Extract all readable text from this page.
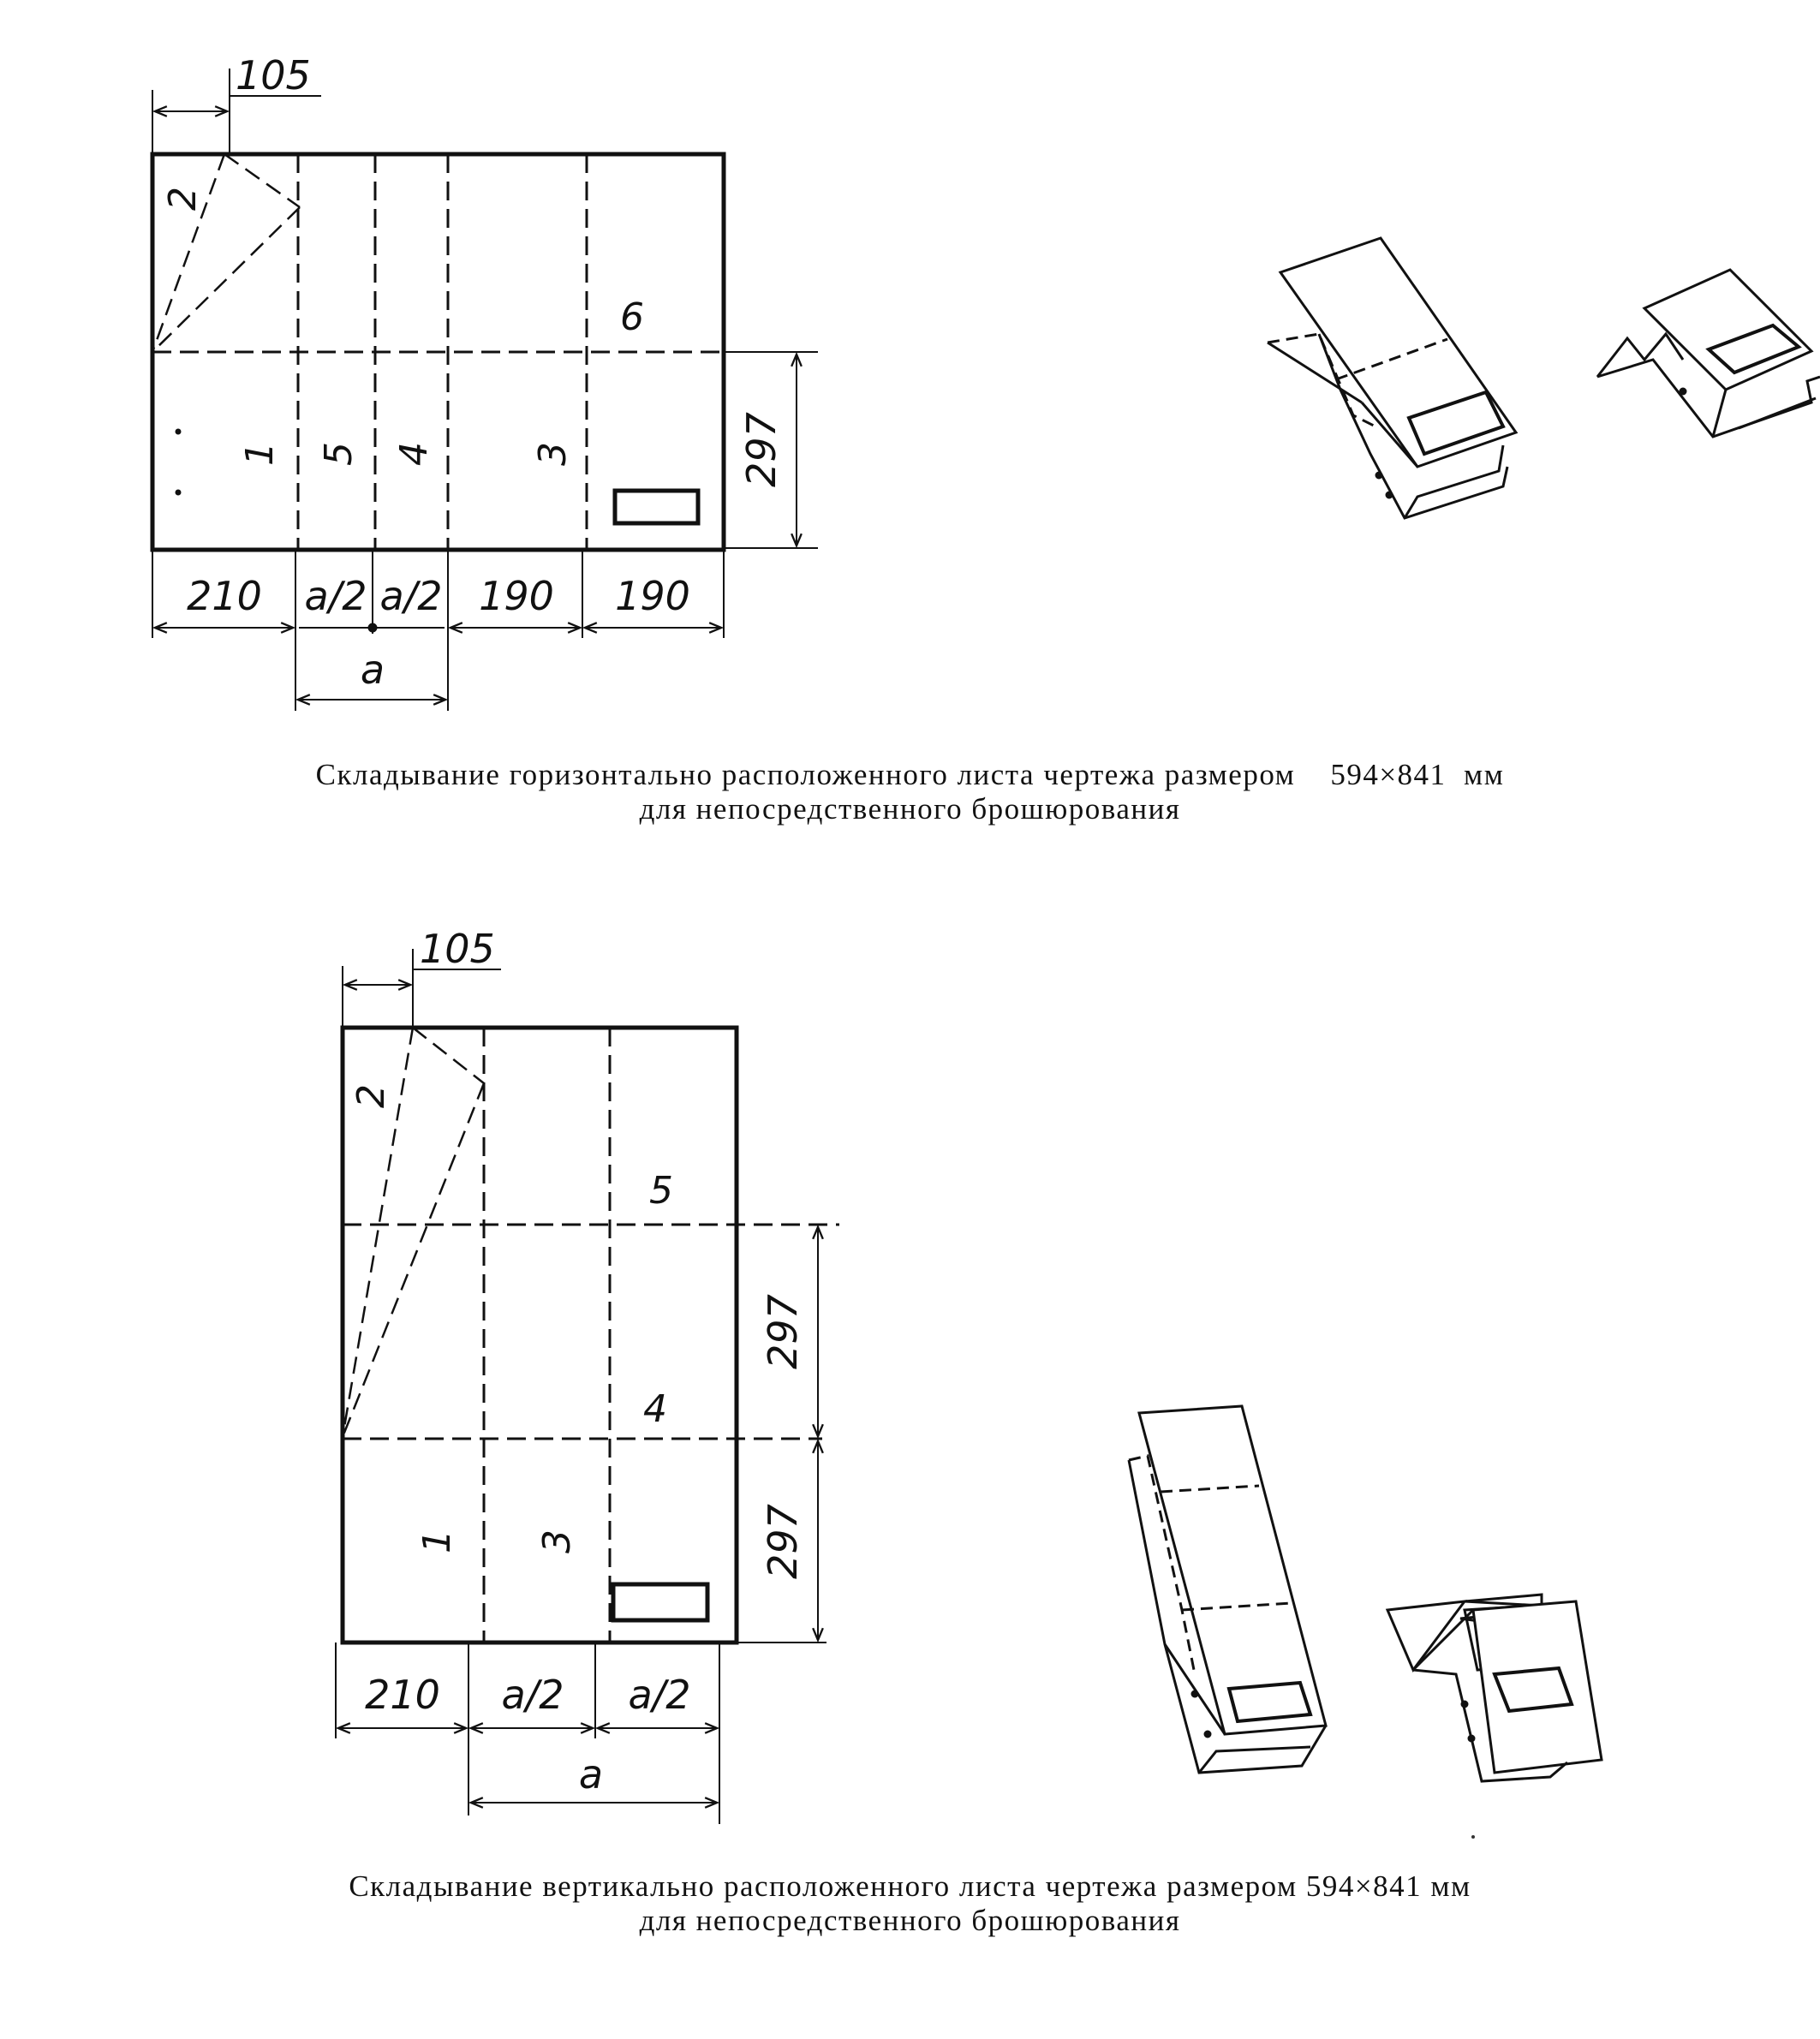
105
297
210 a/2 a/2 190 190
a
1
2
3
4
5
6
105
297
297
210 a/2 a/2
a
1
2
3
4
5
Складывание горизонтально расположенного листа чертежа размером    594×841  мм
для непосредственного брошюрования
Складывание вертикально расположенного листа чертежа размером 594×841 мм
для непосредственного брошюрования
